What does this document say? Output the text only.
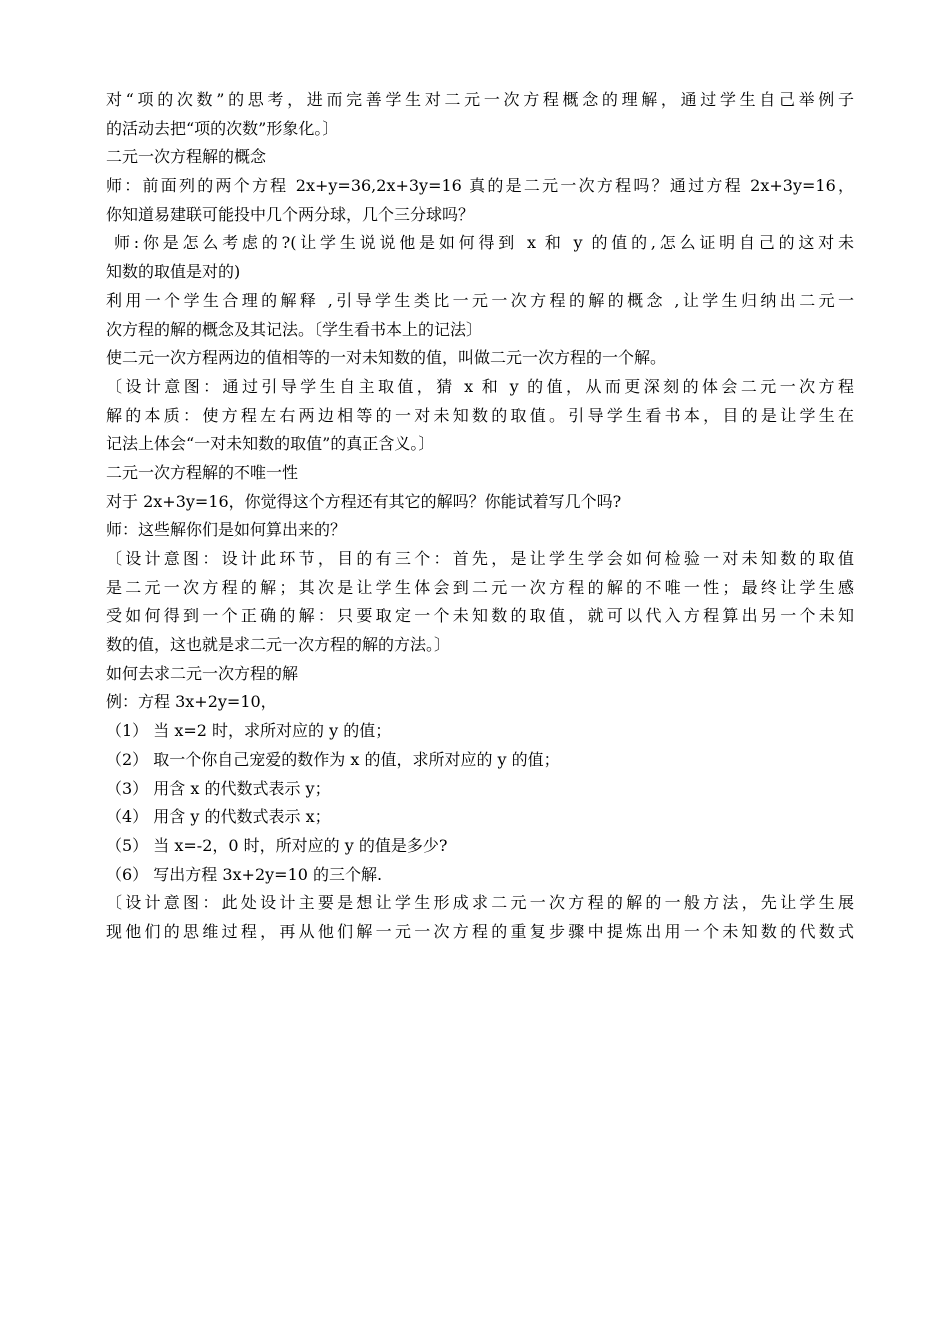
对“项的次数”的思考，进而完善学生对二元一次方程概念的理解，通过学生自己举例子
的活动去把“项的次数”形象化。〕
二元一次方程解的概念
师：前面列的两个方程 2x+y=36,2x+3y=16 真的是二元一次方程吗？通过方程 2x+3y=16，
你知道易建联可能投中几个两分球，几个三分球吗？
师:你是怎么考虑的?(让学生说说他是如何得到 x 和 y 的值的,怎么证明自己的这对未
知数的取值是对的)
利用一个学生合理的解释 ,引导学生类比一元一次方程的解的概念 ,让学生归纳出二元一
次方程的解的概念及其记法。〔学生看书本上的记法〕
使二元一次方程两边的值相等的一对未知数的值，叫做二元一次方程的一个解。
〔设计意图：通过引导学生自主取值，猜 x 和 y 的值，从而更深刻的体会二元一次方程
解的本质：使方程左右两边相等的一对未知数的取值。引导学生看书本，目的是让学生在
记法上体会“一对未知数的取值”的真正含义。〕
二元一次方程解的不唯一性
对于 2x+3y=16，你觉得这个方程还有其它的解吗？你能试着写几个吗?
师：这些解你们是如何算出来的？
〔设计意图：设计此环节，目的有三个：首先，是让学生学会如何检验一对未知数的取值
是二元一次方程的解；其次是让学生体会到二元一次方程的解的不唯一性；最终让学生感
受如何得到一个正确的解：只要取定一个未知数的取值，就可以代入方程算出另一个未知
数的值，这也就是求二元一次方程的解的方法。〕
如何去求二元一次方程的解
例：方程 3x+2y=10，
（1） 当 x=2 时，求所对应的 y 的值；
（2） 取一个你自己宠爱的数作为 x 的值，求所对应的 y 的值；
（3） 用含 x 的代数式表示 y；
（4） 用含 y 的代数式表示 x；
（5） 当 x=-2，0 时，所对应的 y 的值是多少?
（6） 写出方程 3x+2y=10 的三个解.
〔设计意图：此处设计主要是想让学生形成求二元一次方程的解的一般方法，先让学生展
现他们的思维过程，再从他们解一元一次方程的重复步骤中提炼出用一个未知数的代数式
